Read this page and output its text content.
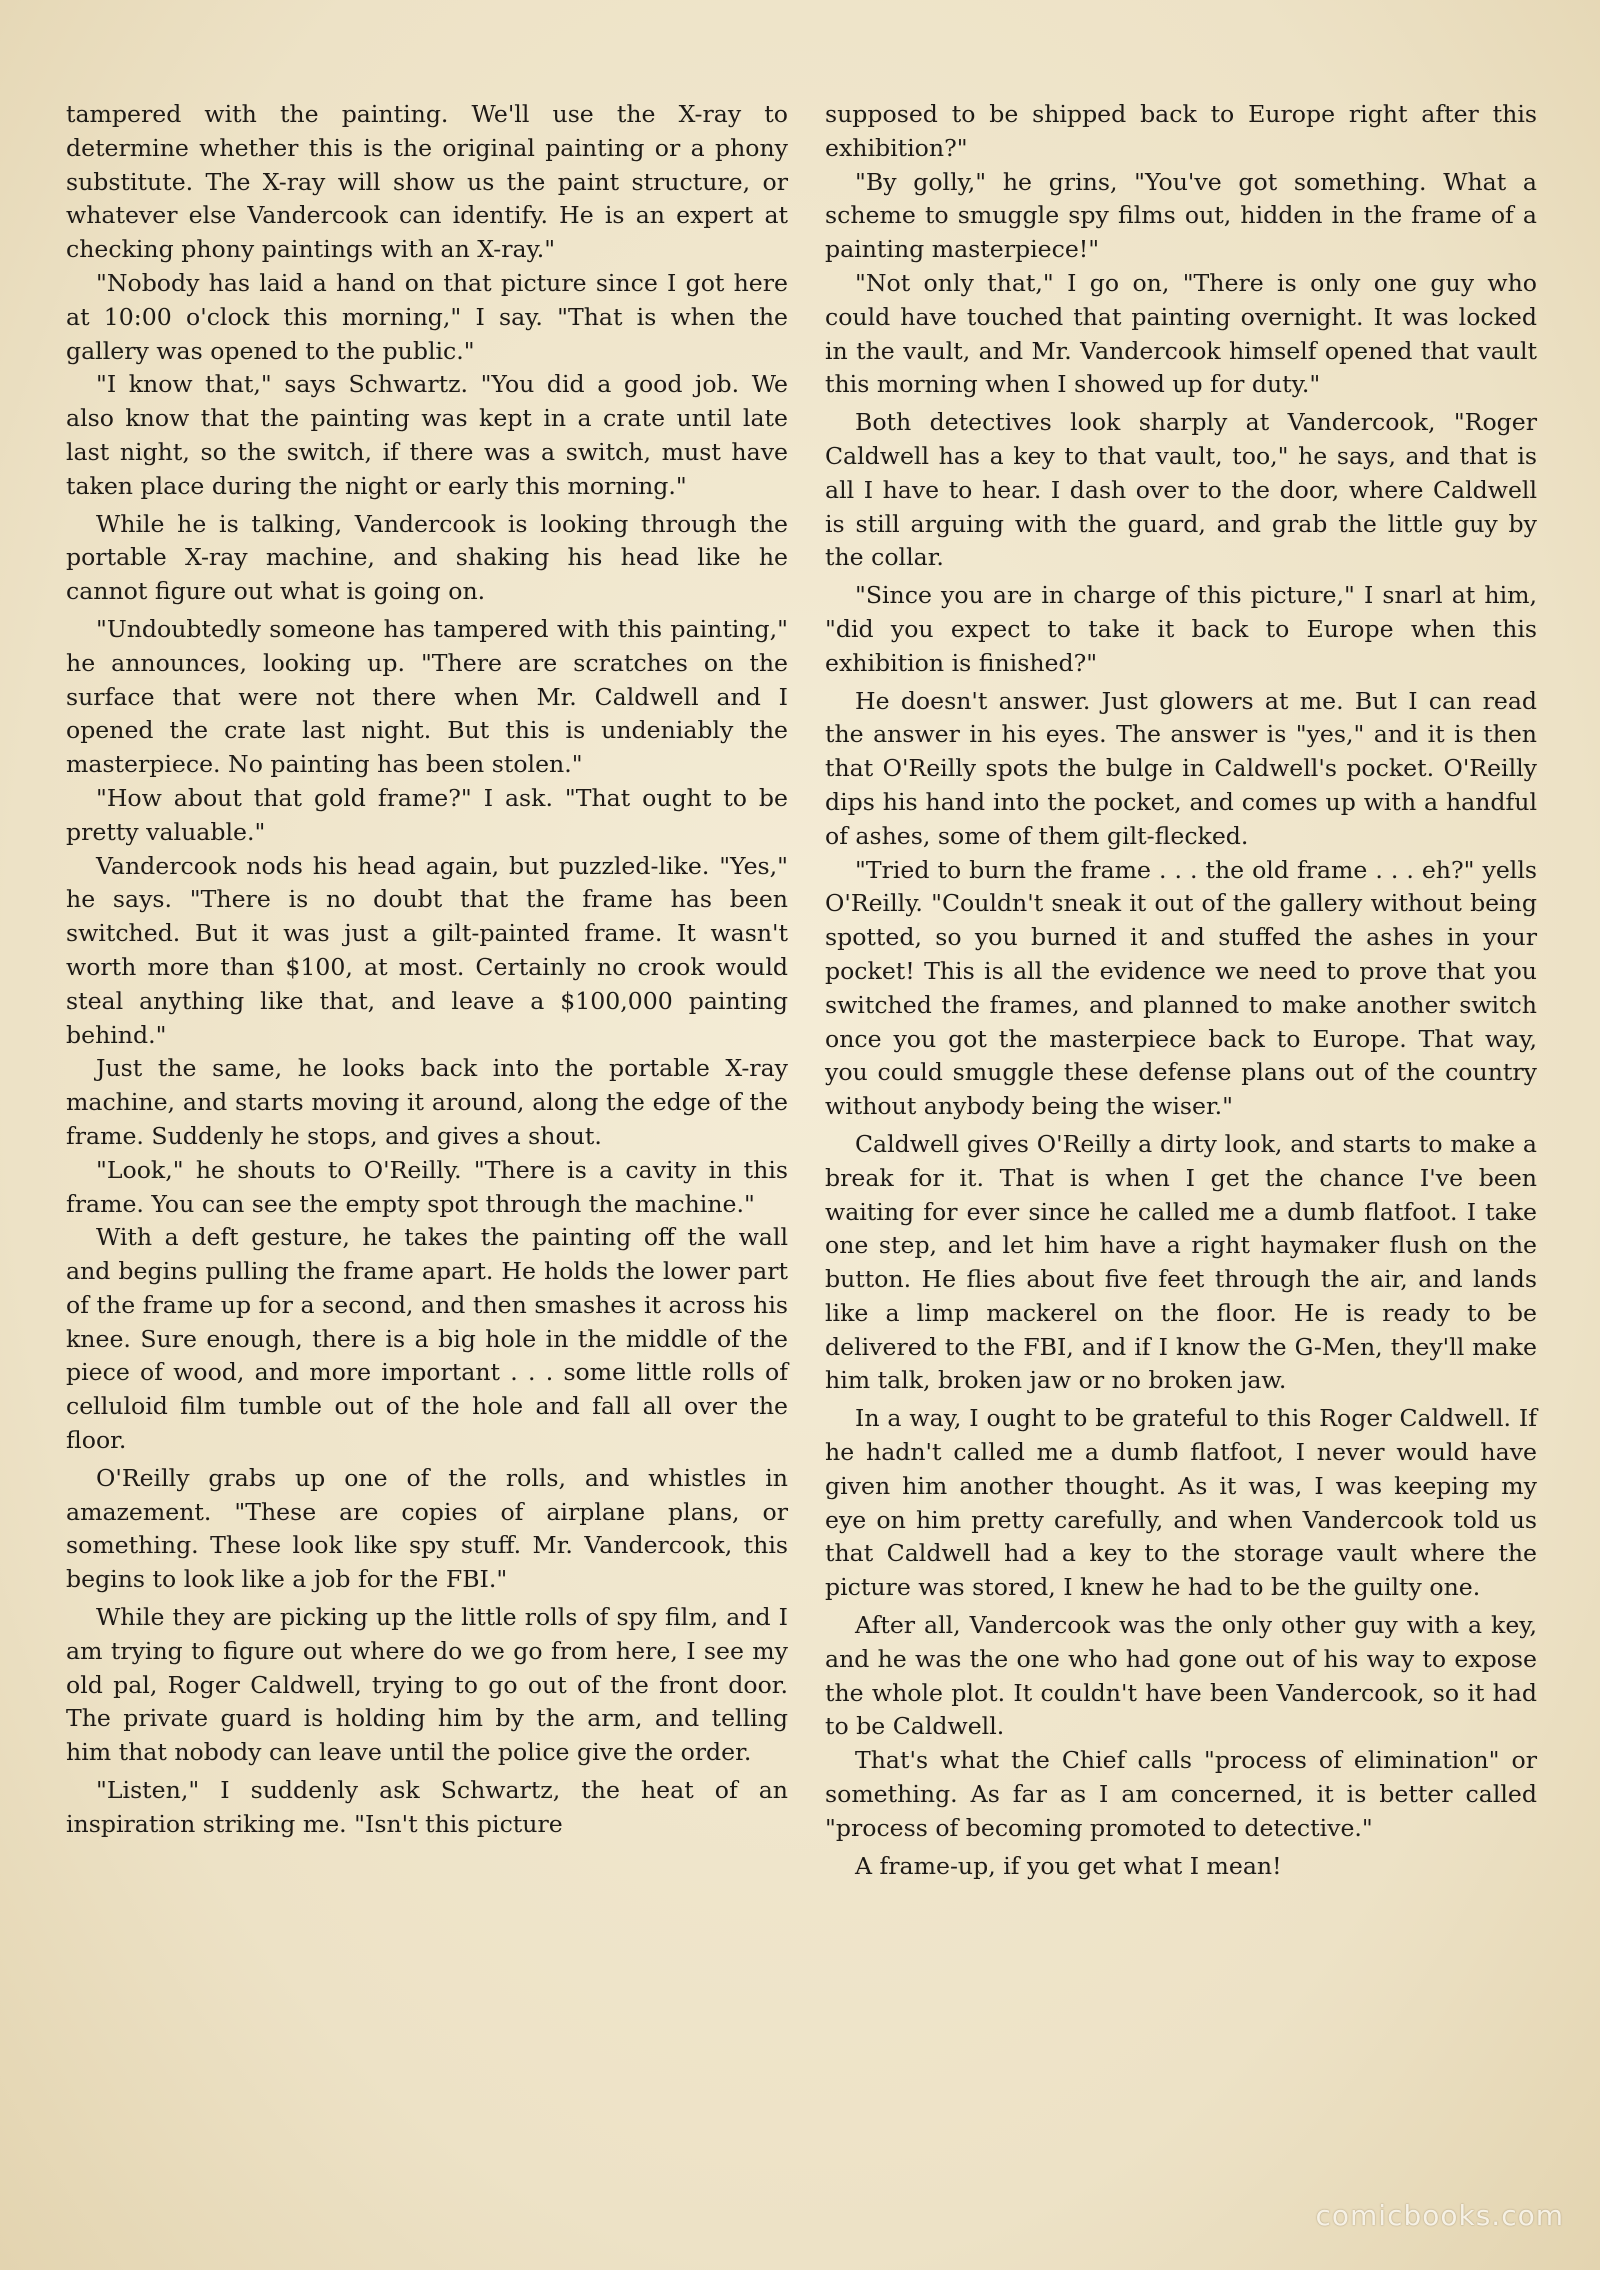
tampered with the painting. We'll use the X-ray to determine whether this is the original painting or a phony substitute. The X-ray will show us the paint structure, or whatever else Vandercook can identify. He is an expert at checking phony paintings with an X-ray."

"Nobody has laid a hand on that picture since I got here at 10:00 o'clock this morning," I say. "That is when the gallery was opened to the public."

"I know that," says Schwartz. "You did a good job. We also know that the painting was kept in a crate until late last night, so the switch, if there was a switch, must have taken place during the night or early this morning."

While he is talking, Vandercook is looking through the portable X-ray machine, and shaking his head like he cannot figure out what is going on.

"Undoubtedly someone has tampered with this painting," he announces, looking up. "There are scratches on the surface that were not there when Mr. Caldwell and I opened the crate last night. But this is undeniably the masterpiece. No painting has been stolen."

"How about that gold frame?" I ask. "That ought to be pretty valuable."

Vandercook nods his head again, but puzzled-like. "Yes," he says. "There is no doubt that the frame has been switched. But it was just a gilt-painted frame. It wasn't worth more than $100, at most. Certainly no crook would steal anything like that, and leave a $100,000 painting behind."

Just the same, he looks back into the portable X-ray machine, and starts moving it around, along the edge of the frame. Suddenly he stops, and gives a shout.

"Look," he shouts to O'Reilly. "There is a cavity in this frame. You can see the empty spot through the machine."

With a deft gesture, he takes the painting off the wall and begins pulling the frame apart. He holds the lower part of the frame up for a second, and then smashes it across his knee. Sure enough, there is a big hole in the middle of the piece of wood, and more important . . . some little rolls of celluloid film tumble out of the hole and fall all over the floor.

O'Reilly grabs up one of the rolls, and whistles in amazement. "These are copies of airplane plans, or something. These look like spy stuff. Mr. Vandercook, this begins to look like a job for the FBI."

While they are picking up the little rolls of spy film, and I am trying to figure out where do we go from here, I see my old pal, Roger Caldwell, trying to go out of the front door. The private guard is holding him by the arm, and telling him that nobody can leave until the police give the order.

"Listen," I suddenly ask Schwartz, the heat of an inspiration striking me. "Isn't this picture

supposed to be shipped back to Europe right after this exhibition?"

"By golly," he grins, "You've got something. What a scheme to smuggle spy films out, hidden in the frame of a painting masterpiece!"

"Not only that," I go on, "There is only one guy who could have touched that painting overnight. It was locked in the vault, and Mr. Vandercook himself opened that vault this morning when I showed up for duty."

Both detectives look sharply at Vandercook, "Roger Caldwell has a key to that vault, too," he says, and that is all I have to hear. I dash over to the door, where Caldwell is still arguing with the guard, and grab the little guy by the collar.

"Since you are in charge of this picture," I snarl at him, "did you expect to take it back to Europe when this exhibition is finished?"

He doesn't answer. Just glowers at me. But I can read the answer in his eyes. The answer is "yes," and it is then that O'Reilly spots the bulge in Caldwell's pocket. O'Reilly dips his hand into the pocket, and comes up with a handful of ashes, some of them gilt-flecked.

"Tried to burn the frame . . . the old frame . . . eh?" yells O'Reilly. "Couldn't sneak it out of the gallery without being spotted, so you burned it and stuffed the ashes in your pocket! This is all the evidence we need to prove that you switched the frames, and planned to make another switch once you got the masterpiece back to Europe. That way, you could smuggle these defense plans out of the country without anybody being the wiser."

Caldwell gives O'Reilly a dirty look, and starts to make a break for it. That is when I get the chance I've been waiting for ever since he called me a dumb flatfoot. I take one step, and let him have a right haymaker flush on the button. He flies about five feet through the air, and lands like a limp mackerel on the floor. He is ready to be delivered to the FBI, and if I know the G-Men, they'll make him talk, broken jaw or no broken jaw.

In a way, I ought to be grateful to this Roger Caldwell. If he hadn't called me a dumb flatfoot, I never would have given him another thought. As it was, I was keeping my eye on him pretty carefully, and when Vandercook told us that Caldwell had a key to the storage vault where the picture was stored, I knew he had to be the guilty one.

After all, Vandercook was the only other guy with a key, and he was the one who had gone out of his way to expose the whole plot. It couldn't have been Vandercook, so it had to be Caldwell.

That's what the Chief calls "process of elimination" or something. As far as I am concerned, it is better called "process of becoming promoted to detective."

A frame-up, if you get what I mean!

comicbooks.com
